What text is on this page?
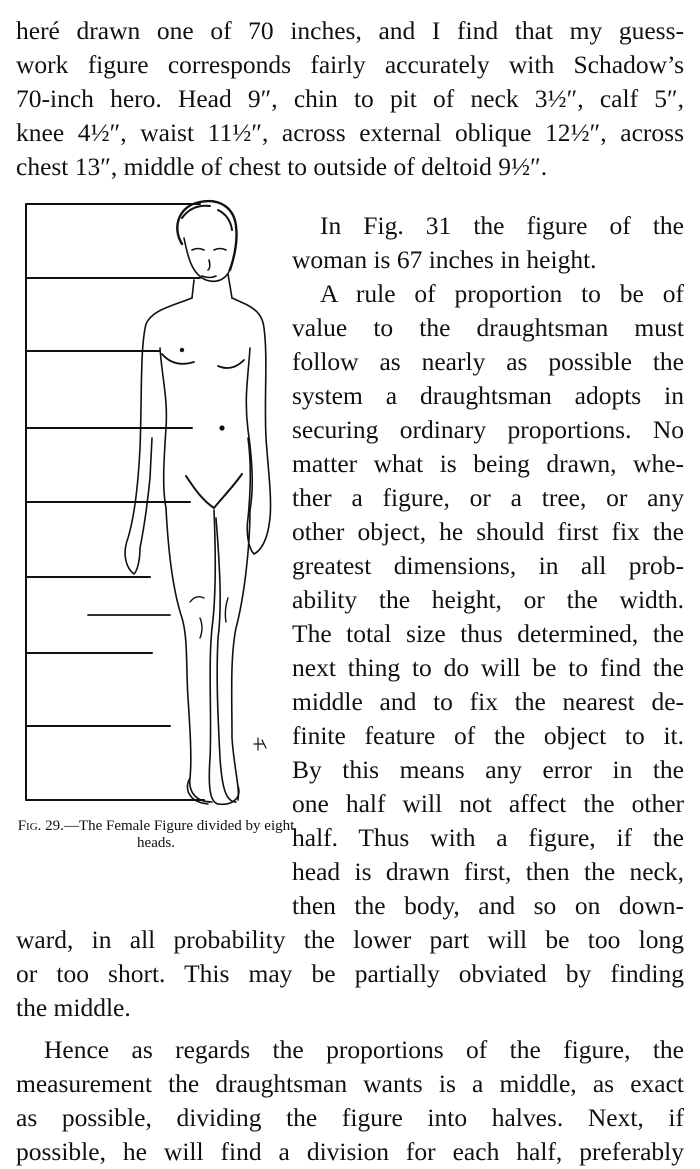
heré drawn one of 70 inches, and I find that my guess-
work figure corresponds fairly accurately with Schadow’s
70-inch hero. Head 9″, chin to pit of neck 3½″, calf 5″,
knee 4½″, waist 11½″, across external oblique 12½″, across
chest 13″, middle of chest to outside of deltoid 9½″.
Fig. 29.—The Female Figure divided by eight heads.
In Fig. 31 the figure of the
woman is 67 inches in height.
A rule of proportion to be of
value to the draughtsman must
follow as nearly as possible the
system a draughtsman adopts in
securing ordinary proportions. No
matter what is being drawn, whe-
ther a figure, or a tree, or any
other object, he should first fix the
greatest dimensions, in all prob-
ability the height, or the width.
The total size thus determined, the
next thing to do will be to find the
middle and to fix the nearest de-
finite feature of the object to it.
By this means any error in the
one half will not affect the other
half. Thus with a figure, if the
head is drawn first, then the neck,
then the body, and so on down-
ward, in all probability the lower part will be too long
or too short. This may be partially obviated by finding
the middle.
Hence as regards the proportions of the figure, the
measurement the draughtsman wants is a middle, as exact
as possible, dividing the figure into halves. Next, if
possible, he will find a division for each half, preferably
